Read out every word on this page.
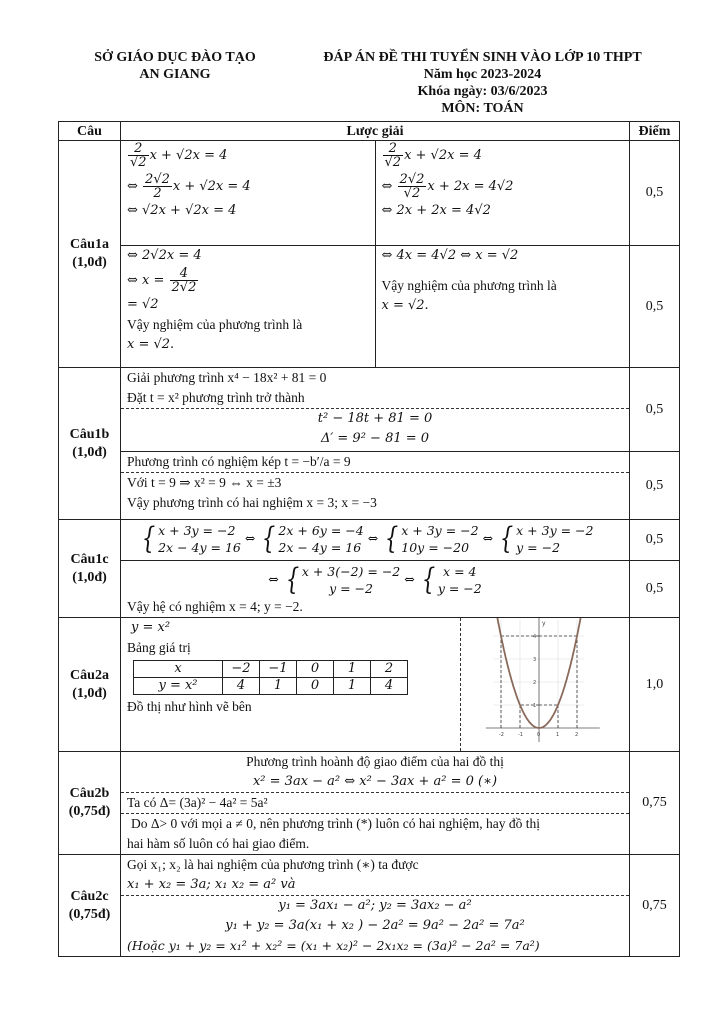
SỞ GIÁO DỤC ĐÀO TẠO
AN GIANG
ĐÁP ÁN ĐỀ THI TUYỂN SINH VÀO LỚP 10 THPT
Năm học 2023-2024
Khóa ngày: 03/6/2023
MÔN: TOÁN
Câu	Lược giải	Điểm

Câu1a
(1,0đ)

$\frac{2}{√2}$ x + √2x = 4
⇔ $\frac{2√2}{2}$ x + √2x = 4
⇔ √2x + √2x = 4

$\frac{2}{√2}$ x + √2x = 4
⇔ $\frac{2√2}{√2}$ x + 2x = 4√2
⇔ 2x + 2x = 4√2
	0,5

⇔ 2√2x = 4
⇔ $x = \frac{4}{2√2}$
= √2
Vậy nghiệm của phương trình là
x = √2.

⇔ 4x = 4√2 ⇔ x = √2
Vậy nghiệm của phương trình là
x = √2.
		0,5

Câu1b
(1,0đ)

Giải phương trình x⁴ − 18x² + 81 = 0
Đặt t = x² phương trình trở thành
t² − 18t + 81 = 0
Δ′ = 9² − 81 = 0
	0,5

Phương trình có nghiệm kép t = −b′/a = 9
Với t = 9 ⇒ x² = 9 ⇔ x = ±3
Vậy phương trình có hai nghiệm x = 3; x = −3
	0,5

Câu1c
(1,0đ)
	{ x + 3y = −2
2x − 4y = 16 ⇔ { 2x + 6y = −4
2x − 4y = 16 ⇔ { x + 3y = −2
10y = −20 ⇔ { x + 3y = −2
y = −2	0,5

⇔ { x + 3(−2) = −2
y = −2 ⇔ { x = 4
y = −2
Vậy hệ có nghiệm x = 4; y = −2.
	0,5

Câu2a
(1,0đ)

y = x²
Bảng giá trị
x	−2	−1	0	1	2
y = x²	4	1	0	1	4
Đồ thị như hình vẽ bên

-2	-1	0	1	2
4
3
2
1
y
	1,0

Câu2b
(0,75đ)

Phương trình hoành độ giao điểm của hai đồ thị
x² = 3ax − a² ⇔ x² − 3ax + a² = 0 (∗)
Ta có Δ= (3a)² − 4a² = 5a²
Do Δ> 0 với mọi a ≠ 0, nên phương trình (*) luôn có hai nghiệm, hay đồ thị
hai hàm số luôn có hai giao điểm.
	0,75

Câu2c
(0,75đ)

Gọi x₁; x₂ là hai nghiệm của phương trình (∗) ta được
x₁ + x₂ = 3a; x₁ x₂ = a² và
y₁ = 3ax₁ − a²; y₂ = 3ax₂ − a²
y₁ + y₂ = 3a(x₁ + x₂ ) − 2a² = 9a² − 2a² = 7a²
(Hoặc y₁ + y₂ = x₁² + x₂² = (x₁ + x₂)² − 2x₁x₂ = (3a)² − 2a² = 7a²)
	0,75
